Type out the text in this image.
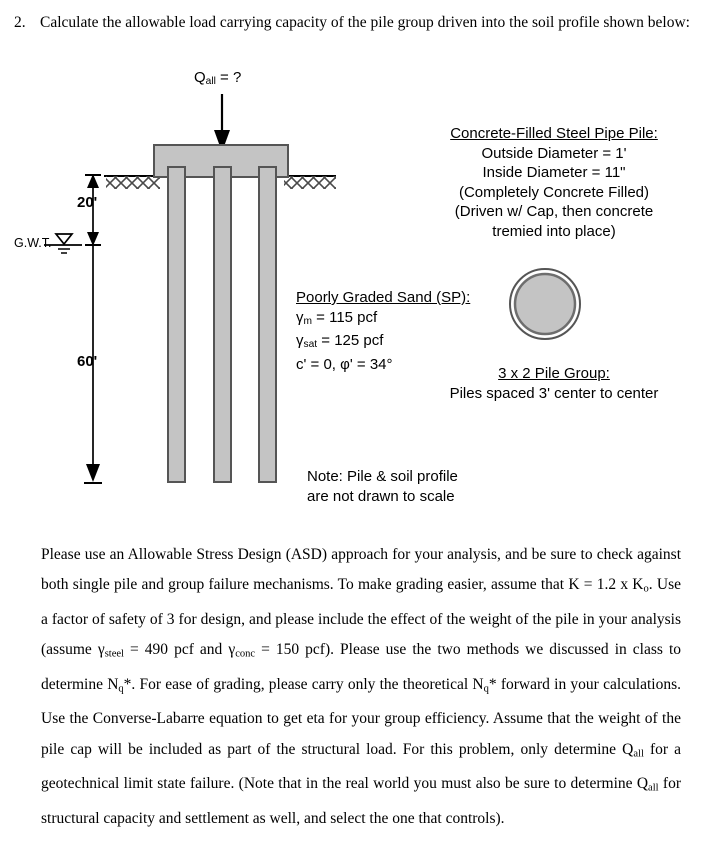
2. Calculate the allowable load carrying capacity of the pile group driven into the soil profile shown below:
$Q_{all}$ = ?
20'
60'
G.W.T.
Concrete-Filled Steel Pipe Pile:
Outside Diameter = 1'
Inside Diameter = 11"
(Completely Concrete Filled)
(Driven w/ Cap, then concrete
tremied into place)
Poorly Graded Sand (SP):
$\gamma_m = 115$ pcf
$\gamma_{sat} = 125$ pcf
c' = 0, φ' = 34°
3 x 2 Pile Group:
Piles spaced 3' center to center
Note: Pile & soil profile
are not drawn to scale
Please use an Allowable Stress Design (ASD) approach for your analysis, and be sure to check against both single pile and group failure mechanisms. To make grading easier, assume that K = 1.2 x $K_o$. Use a factor of safety of 3 for design, and please include the effect of the weight of the pile in your analysis (assume $\gamma_{steel} = 490$ pcf and $\gamma_{conc} = 150$ pcf). Please use the two methods we discussed in class to determine $N_q*$. For ease of grading, please carry only the theoretical $N_q*$ forward in your calculations. Use the Converse-Labarre equation to get eta for your group efficiency. Assume that the weight of the pile cap will be included as part of the structural load. For this problem, only determine $Q_{all}$ for a geotechnical limit state failure. (Note that in the real world you must also be sure to determine $Q_{all}$ for structural capacity and settlement as well, and select the one that controls).
